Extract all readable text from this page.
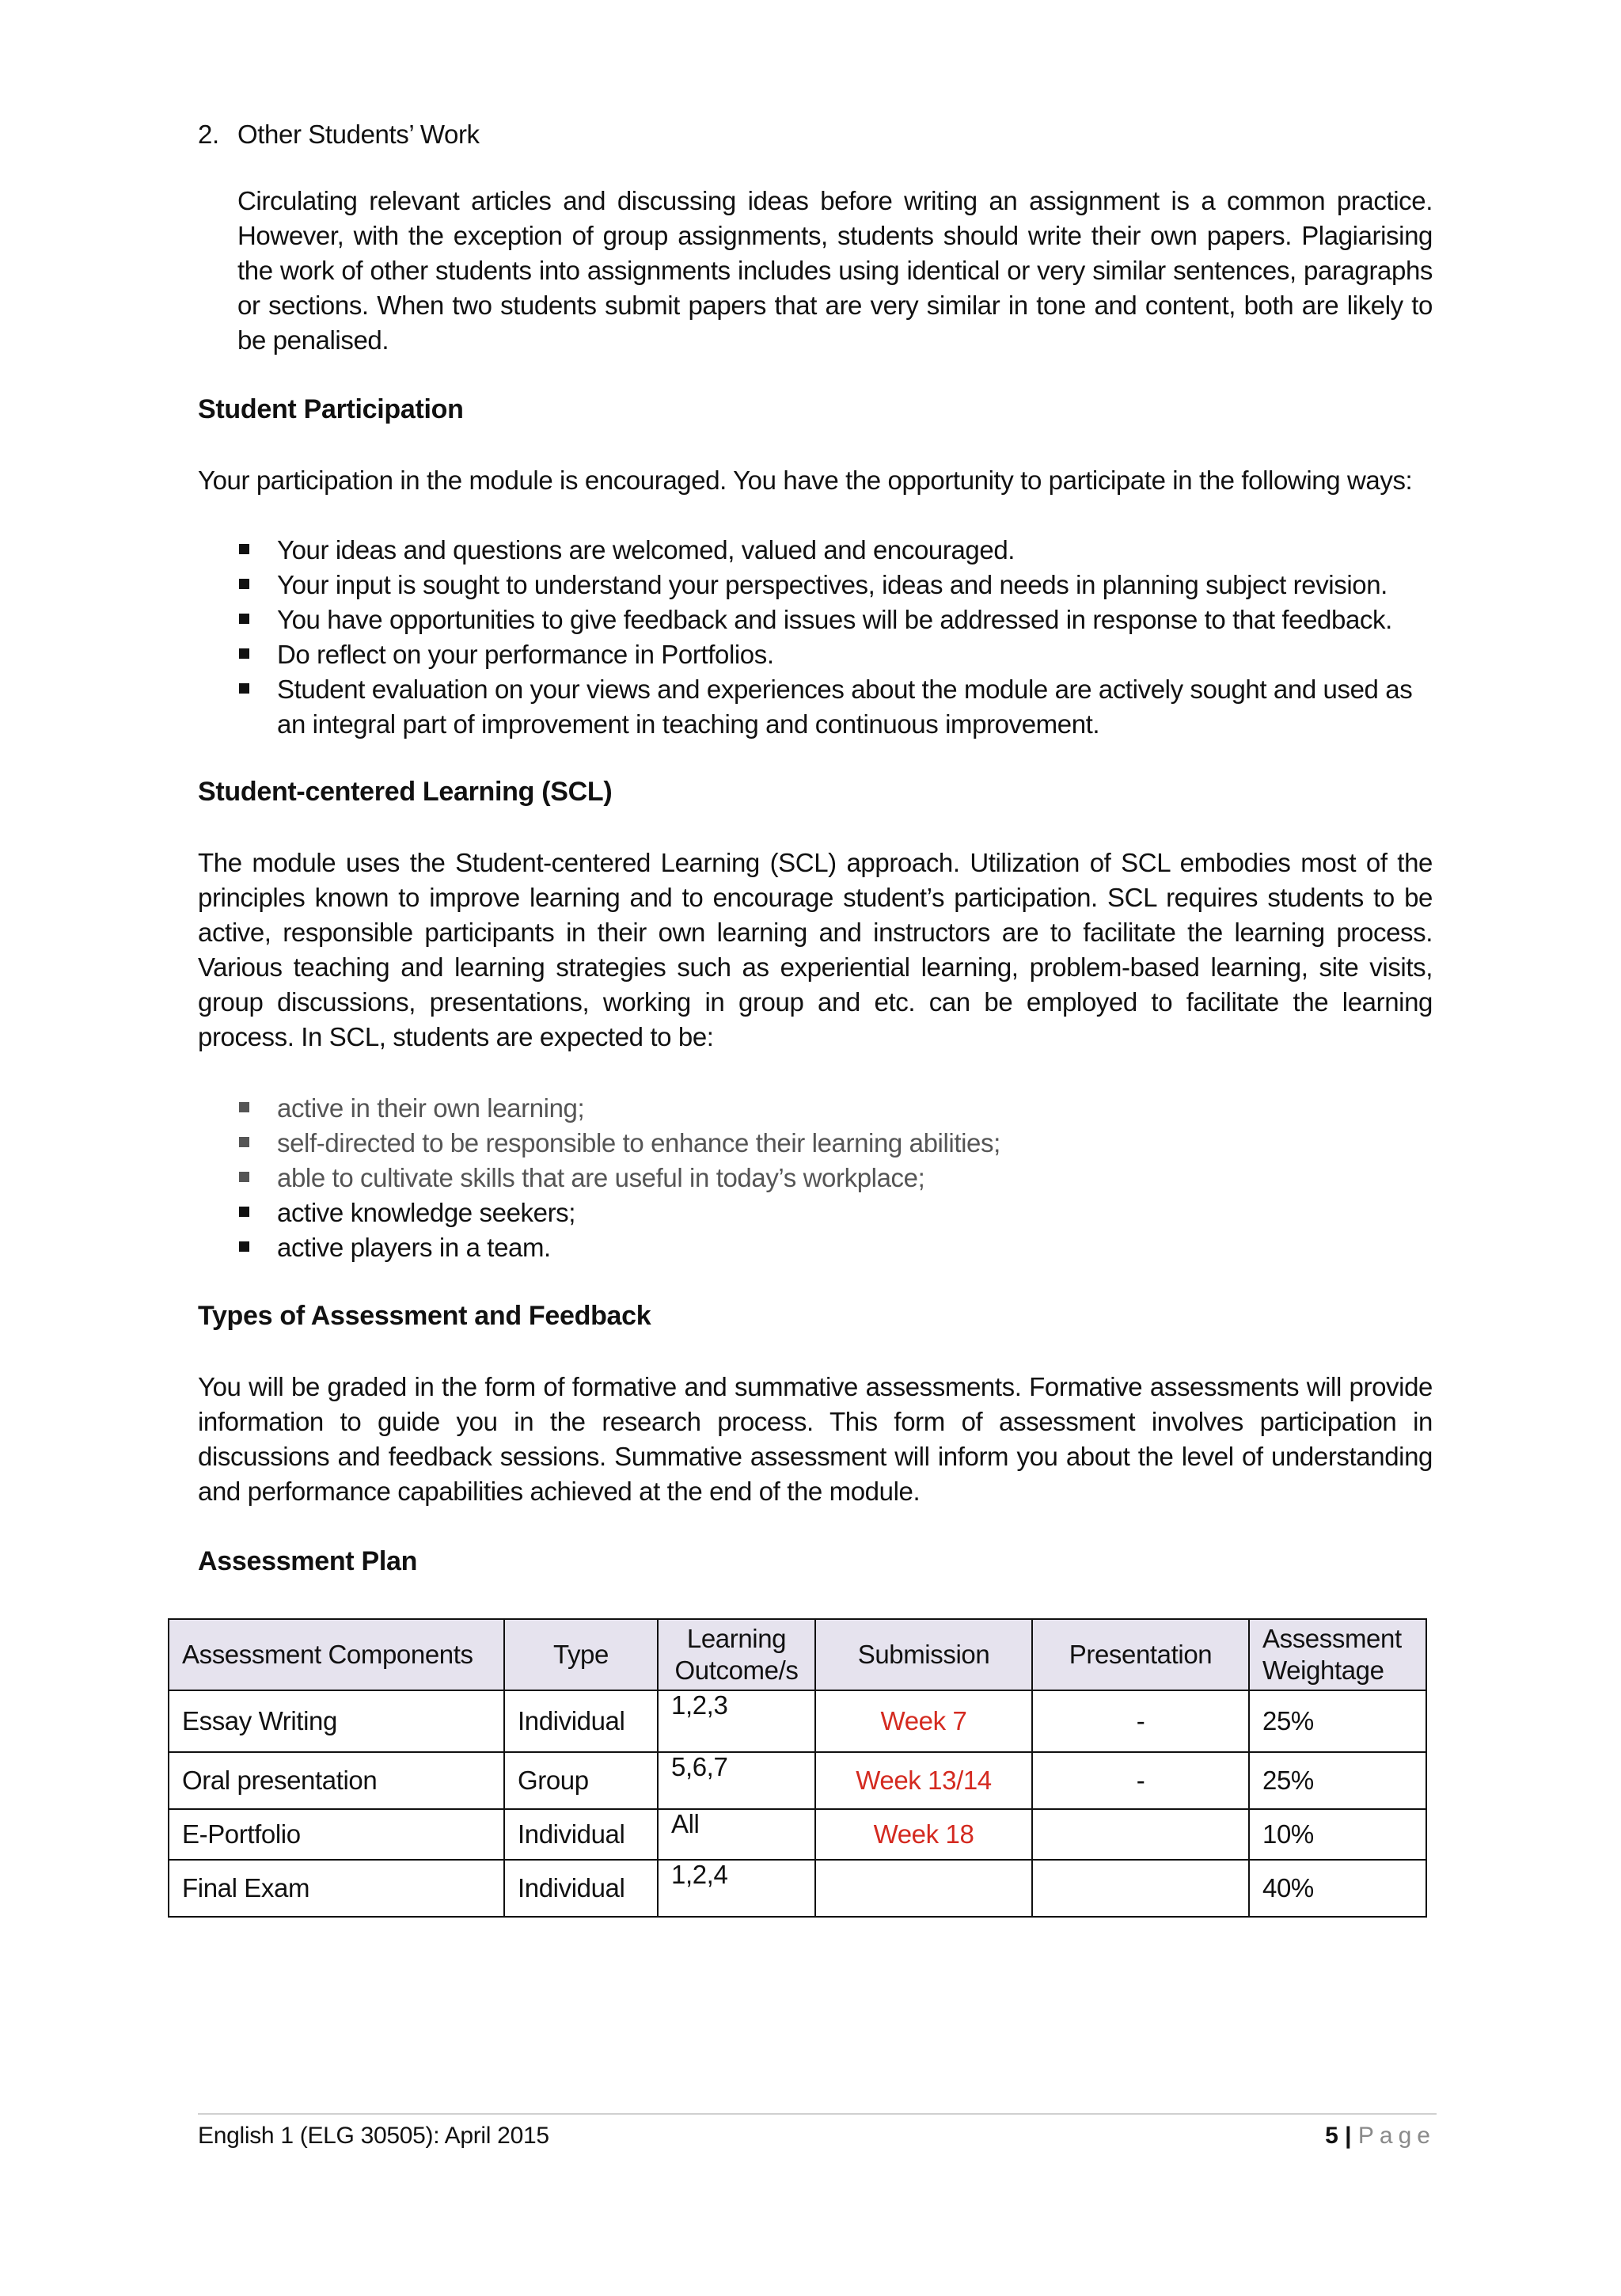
2. Other Students’ Work
Circulating relevant articles and discussing ideas before writing an assignment is a common practice. However, with the exception of group assignments, students should write their own papers. Plagiarising the work of other students into assignments includes using identical or very similar sentences, paragraphs or sections. When two students submit papers that are very similar in tone and content, both are likely to be penalised.
Student Participation
Your participation in the module is encouraged. You have the opportunity to participate in the following ways:
Your ideas and questions are welcomed, valued and encouraged.
Your input is sought to understand your perspectives, ideas and needs in planning subject revision.
You have opportunities to give feedback and issues will be addressed in response to that feedback.
Do reflect on your performance in Portfolios.
Student evaluation on your views and experiences about the module are actively sought and used as an integral part of improvement in teaching and continuous improvement.
Student-centered Learning (SCL)
The module uses the Student-centered Learning (SCL) approach. Utilization of SCL embodies most of the principles known to improve learning and to encourage student’s participation. SCL requires students to be active, responsible participants in their own learning and instructors are to facilitate the learning process. Various teaching and learning strategies such as experiential learning, problem-based learning, site visits, group discussions, presentations, working in group and etc. can be employed to facilitate the learning process. In SCL, students are expected to be:
active in their own learning;
self-directed to be responsible to enhance their learning abilities;
able to cultivate skills that are useful in today’s workplace;
active knowledge seekers;
active players in a team.
Types of Assessment and Feedback
You will be graded in the form of formative and summative assessments. Formative assessments will provide information to guide you in the research process. This form of assessment involves participation in discussions and feedback sessions. Summative assessment will inform you about the level of understanding and performance capabilities achieved at the end of the module.
Assessment Plan
Assessment Components	Type	Learning Outcome/s	Submission	Presentation	Assessment Weightage
Essay Writing	Individual	1,2,3	Week 7	-	25%
Oral presentation	Group	5,6,7	Week 13/14	-	25%
E-Portfolio	Individual	All	Week 18		10%
Final Exam	Individual	1,2,4			40%
English 1 (ELG 30505): April 2015	5 | Page
